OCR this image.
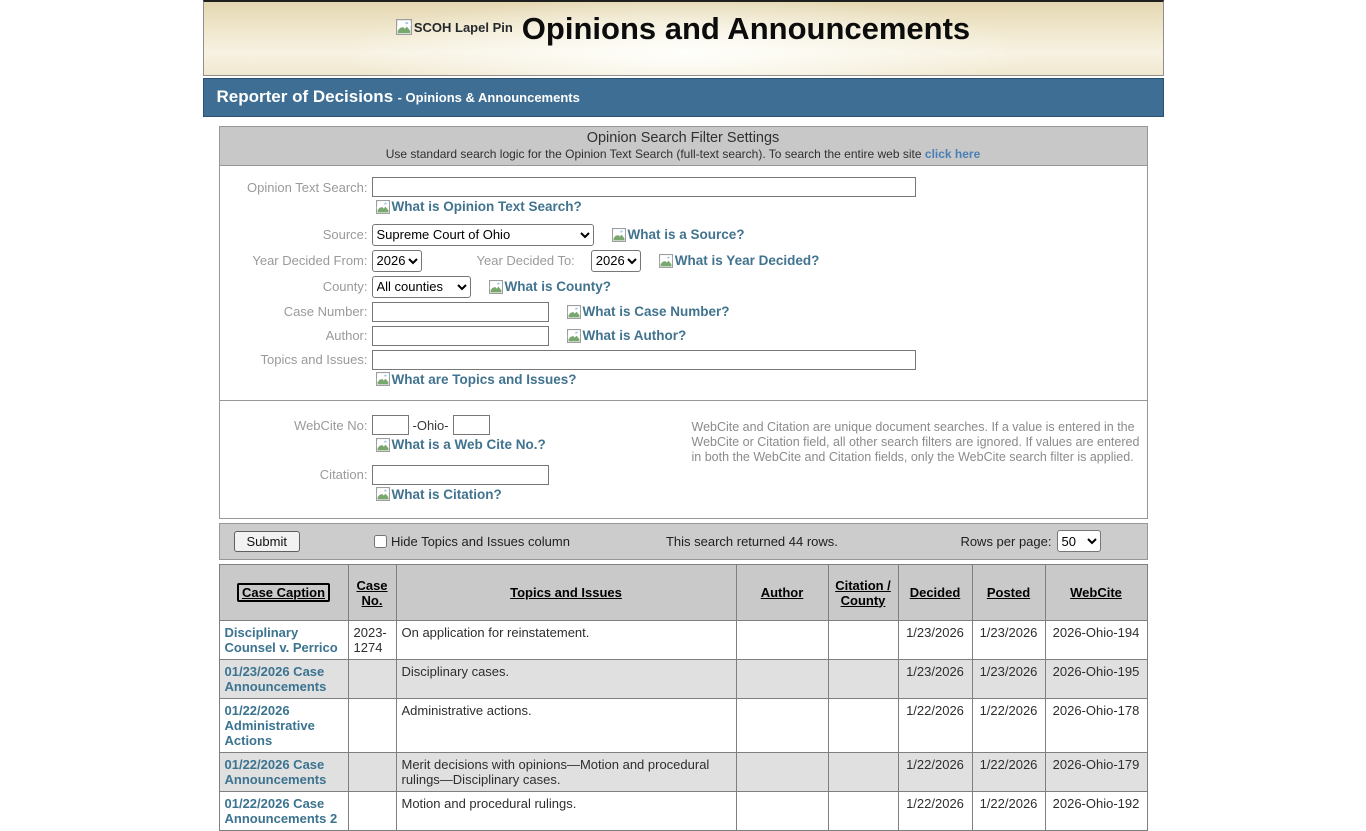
SCOH Lapel Pin Opinions and Announcements
Reporter of Decisions - Opinions & Announcements
Opinion Search Filter Settings
Use standard search logic for the Opinion Text Search (full-text search). To search the entire web site click here
Opinion Text Search:
What is Opinion Text Search?
Source:
Supreme Court of Ohio	What is a Source?
Year Decided From:
2026	Year Decided To:
2026	What is Year Decided?
County:
All counties	What is County?
Case Number:	What is Case Number?
Author:	What is Author?
Topics and Issues:
What are Topics and Issues?
WebCite No:	-Ohio-
What is a Web Cite No.?
Citation:
What is Citation?
WebCite and Citation are unique document searches. If a value is entered in the WebCite or Citation field, all other search filters are ignored. If values are entered in both the WebCite and Citation fields, only the WebCite search filter is applied.
Submit	Hide Topics and Issues column	This search returned 44 rows.	Rows per page:
50
Case Caption	Case No.	Topics and Issues	Author	Citation / County	Decided	Posted	WebCite
Disciplinary Counsel v. Perrico	2023-1274	On application for reinstatement.			1/23/2026	1/23/2026	2026-Ohio-194
01/23/2026 Case Announcements		Disciplinary cases.			1/23/2026	1/23/2026	2026-Ohio-195
01/22/2026 Administrative Actions		Administrative actions.			1/22/2026	1/22/2026	2026-Ohio-178
01/22/2026 Case Announcements		Merit decisions with opinions—Motion and procedural rulings—Disciplinary cases.			1/22/2026	1/22/2026	2026-Ohio-179
01/22/2026 Case Announcements 2		Motion and procedural rulings.			1/22/2026	1/22/2026	2026-Ohio-192
